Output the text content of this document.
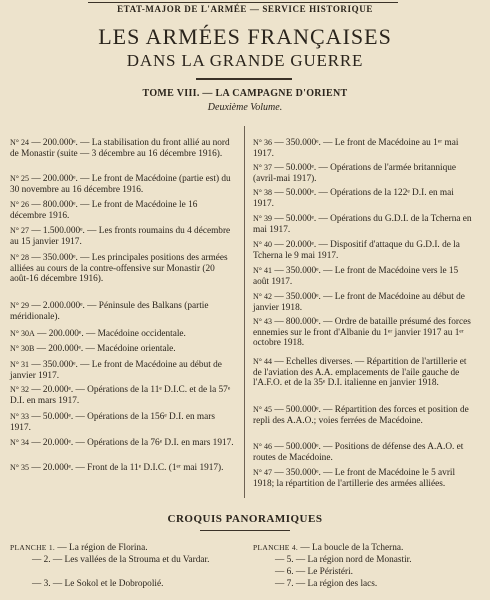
ETAT-MAJOR DE L'ARMÉE — SERVICE HISTORIQUE
LES ARMÉES FRANÇAISES
DANS LA GRANDE GUERRE
TOME VIII. — LA CAMPAGNE D'ORIENT
Deuxième Volume.
N° 24 — 200.000ᵉ. — La stabilisation du front allié au nord de Monastir (suite — 3 décembre au 16 décembre 1916).
N° 25 — 200.000ᵉ. — Le front de Macédoine (partie est) du 30 novembre au 16 décembre 1916.
N° 26 — 800.000ᵉ. — Le front de Macédoine le 16 décembre 1916.
N° 27 — 1.500.000ᵉ. — Les fronts roumains du 4 décembre au 15 janvier 1917.
N° 28 — 350.000ᵉ. — Les principales positions des armées alliées au cours de la contre-offensive sur Monastir (20 août-16 décembre 1916).
N° 29 — 2.000.000ᵉ. — Péninsule des Balkans (partie méridionale).
N° 30A — 200.000ᵉ. — Macédoine occidentale.
N° 30B — 200.000ᵉ. — Macédoine orientale.
N° 31 — 350.000ᵉ. — Le front de Macédoine au début de janvier 1917.
N° 32 — 20.000ᵉ. — Opérations de la 11ᵉ D.I.C. et de la 57ᵉ D.I. en mars 1917.
N° 33 — 50.000ᵉ. — Opérations de la 156ᵉ D.I. en mars 1917.
N° 34 — 20.000ᵉ. — Opérations de la 76ᵉ D.I. en mars 1917.
N° 35 — 20.000ᵉ. — Front de la 11ᵉ D.I.C. (1ᵉʳ mai 1917).
N° 36 — 350.000ᵉ. — Le front de Macédoine au 1ᵉʳ mai 1917.
N° 37 — 50.000ᵉ. — Opérations de l'armée britannique (avril-mai 1917).
N° 38 — 50.000ᵉ. — Opérations de la 122ᵉ D.I. en mai 1917.
N° 39 — 50.000ᵉ. — Opérations du G.D.I. de la Tcherna en mai 1917.
N° 40 — 20.000ᵉ. — Dispositif d'attaque du G.D.I. de la Tcherna le 9 mai 1917.
N° 41 — 350.000ᵉ. — Le front de Macédoine vers le 15 août 1917.
N° 42 — 350.000ᵉ. — Le front de Macédoine au début de janvier 1918.
N° 43 — 800.000ᵉ. — Ordre de bataille présumé des forces ennemies sur le front d'Albanie du 1ᵉʳ janvier 1917 au 1ᵉʳ octobre 1918.
N° 44 — Echelles diverses. — Répartition de l'artillerie et de l'aviation des A.A. emplacements de l'aile gauche de l'A.F.O. et de la 35ᵉ D.I. italienne en janvier 1918.
N° 45 — 500.000ᵉ. — Répartition des forces et position de repli des A.A.O.; voies ferrées de Macédoine.
N° 46 — 500.000ᵉ. — Positions de défense des A.A.O. et routes de Macédoine.
N° 47 — 350.000ᵉ. — Le front de Macédoine le 5 avril 1918; la répartition de l'artillerie des armées alliées.
CROQUIS PANORAMIQUES
PLANCHE 1. — La région de Florina.
— 2. — Les vallées de la Strouma et du Vardar.
— 3. — Le Sokol et le Dobropolié.
PLANCHE 4. — La boucle de la Tcherna.
— 5. — La région nord de Monastir.
— 6. — Le Péristéri.
— 7. — La région des lacs.
